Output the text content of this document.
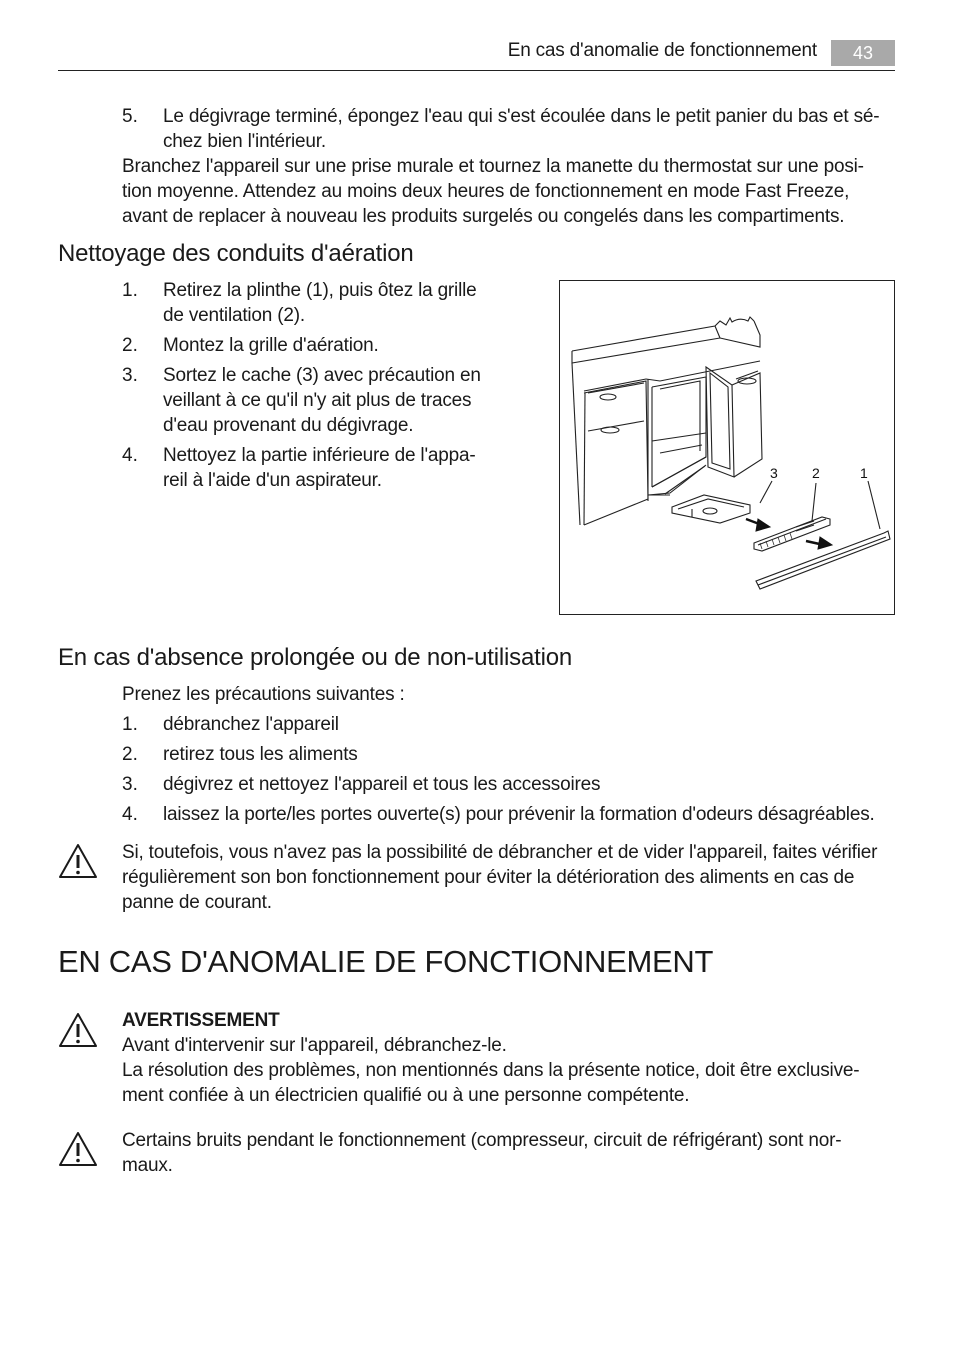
En cas d'anomalie de fonctionnement	43
5. Le dégivrage terminé, épongez l'eau qui s'est écoulée dans le petit panier du bas et sé-
chez bien l'intérieur.
Branchez l'appareil sur une prise murale et tournez la manette du thermostat sur une posi-
tion moyenne. Attendez au moins deux heures de fonctionnement en mode Fast Freeze,
avant de replacer à nouveau les produits surgelés ou congelés dans les compartiments.
Nettoyage des conduits d'aération
1. Retirez la plinthe (1), puis ôtez la grille
de ventilation (2).
2. Montez la grille d'aération.
3. Sortez le cache (3) avec précaution en
veillant à ce qu'il n'y ait plus de traces
d'eau provenant du dégivrage.
4. Nettoyez la partie inférieure de l'appa-
reil à l'aide d'un aspirateur.	3 2	1
En cas d'absence prolongée ou de non-utilisation
Prenez les précautions suivantes :
1. débranchez l'appareil
2. retirez tous les aliments
3. dégivrez et nettoyez l'appareil et tous les accessoires
4. laissez la porte/les portes ouverte(s) pour prévenir la formation d'odeurs désagréables.
Si, toutefois, vous n'avez pas la possibilité de débrancher et de vider l'appareil, faites vérifier
régulièrement son bon fonctionnement pour éviter la détérioration des aliments en cas de
panne de courant.
EN CAS D'ANOMALIE DE FONCTIONNEMENT
AVERTISSEMENT
Avant d'intervenir sur l'appareil, débranchez-le.
La résolution des problèmes, non mentionnés dans la présente notice, doit être exclusive-
ment confiée à un électricien qualifié ou à une personne compétente.
Certains bruits pendant le fonctionnement (compresseur, circuit de réfrigérant) sont nor-
maux.
